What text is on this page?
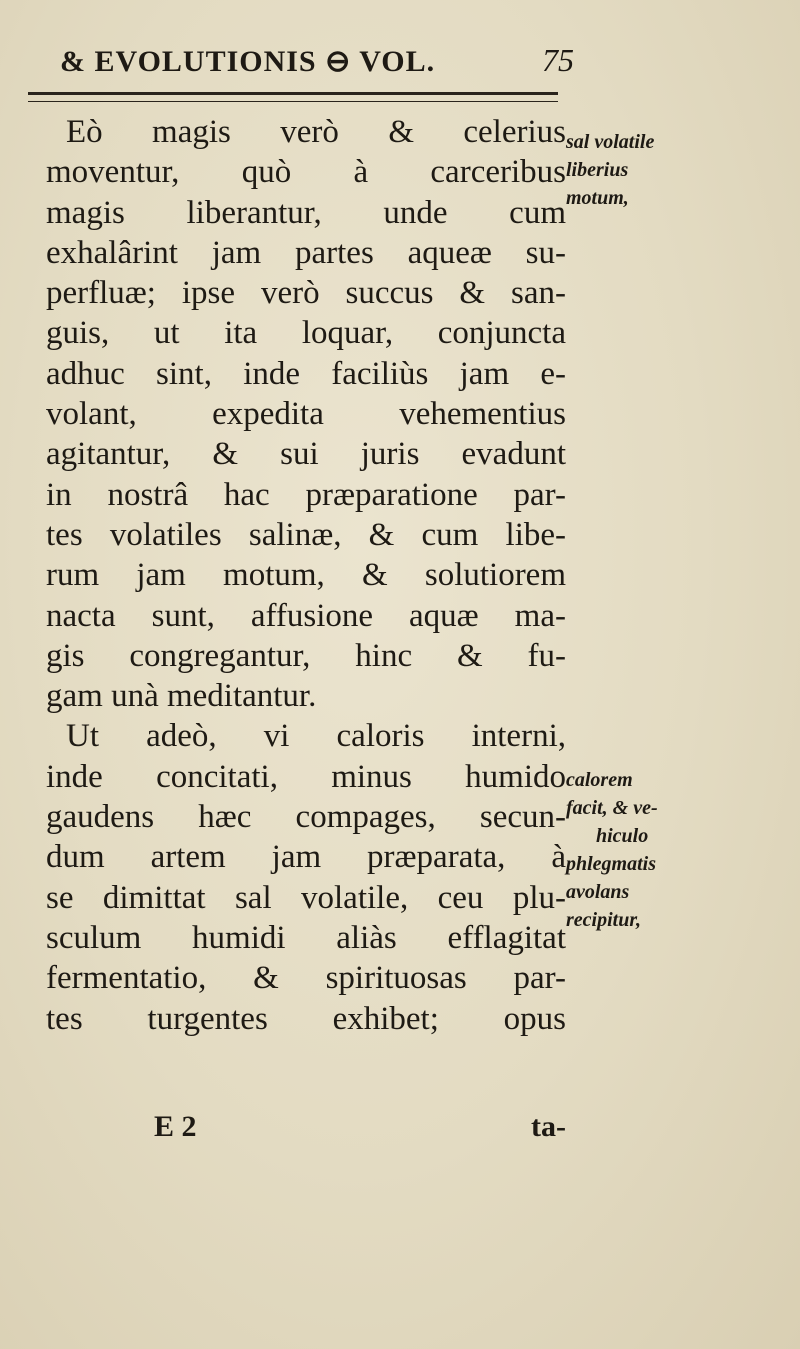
& EVOLUTIONIS ⊖ VOL.	75
Eò magis verò & celerius
moventur, quò à carceribus
magis liberantur, unde cum
exhalârint jam partes aqueæ su-
perfluæ; ipse verò succus & san-
guis, ut ita loquar, conjuncta
adhuc sint, inde faciliùs jam e-
volant, expedita vehementius
agitantur, & sui juris evadunt
in nostrâ hac præparatione par-
tes volatiles salinæ, & cum libe-
rum jam motum, & solutiorem
nacta sunt, affusione aquæ ma-
gis congregantur, hinc & fu-
gam unà meditantur.
Ut adeò, vi caloris interni,
inde concitati, minus humido
gaudens hæc compages, secun-
dum artem jam præparata, à
se dimittat sal volatile, ceu plu-
sculum humidi aliàs efflagitat
fermentatio, & spirituosas par-
tes turgentes exhibet; opus
sal volatile
liberius
motum,
calorem
facit, & ve-
hiculo
phlegmatis
avolans
recipitur,
E 2	ta-
